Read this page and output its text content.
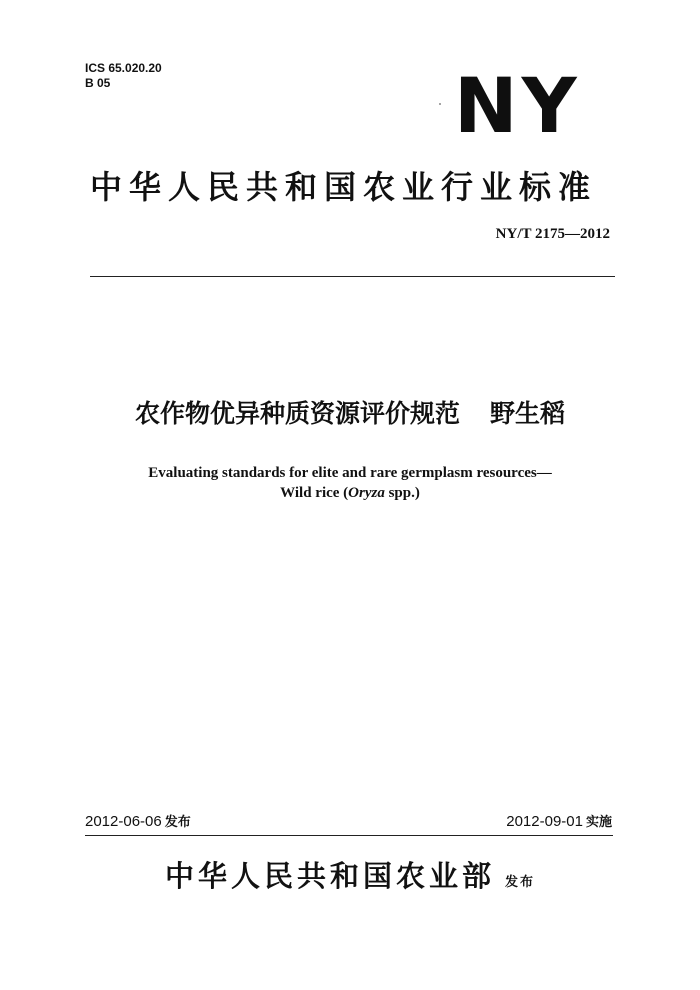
ICS 65.020.20
B 05	NY
中华人民共和国农业行业标准
NY/T 2175—2012
农作物优异种质资源评价规范 野生稻
Evaluating standards for elite and rare germplasm resources—
Wild rice (Oryza spp.)
2012-06-06 发布	2012-09-01 实施
中华人民共和国农业部 发布
